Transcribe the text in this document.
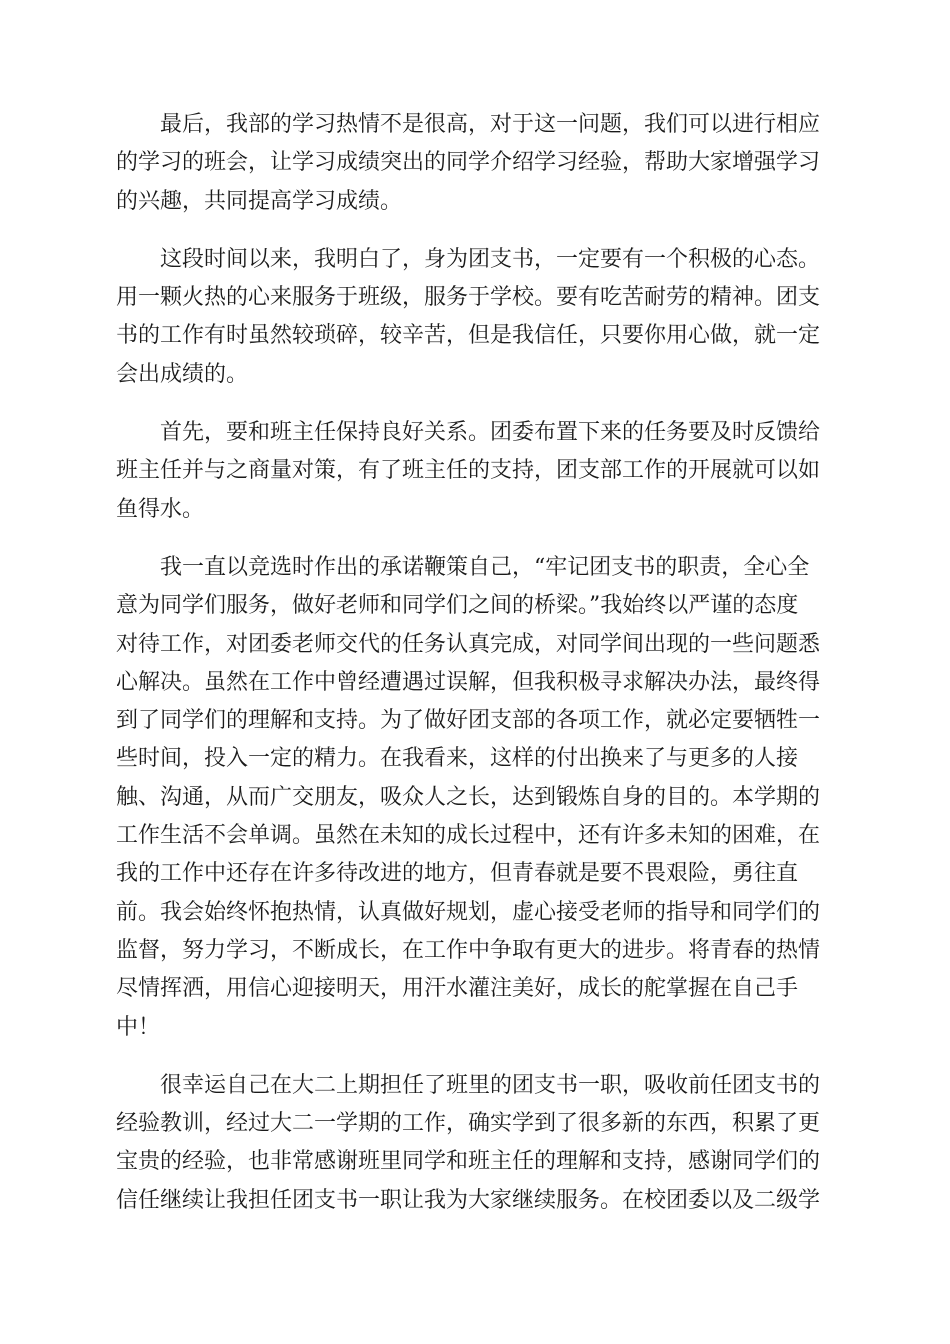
最后，我部的学习热情不是很高，对于这一问题，我们可以进行相应
的学习的班会，让学习成绩突出的同学介绍学习经验，帮助大家增强学习
的兴趣，共同提高学习成绩。

这段时间以来，我明白了，身为团支书，一定要有一个积极的心态。
用一颗火热的心来服务于班级，服务于学校。要有吃苦耐劳的精神。团支
书的工作有时虽然较琐碎，较辛苦，但是我信任，只要你用心做，就一定
会出成绩的。

首先，要和班主任保持良好关系。团委布置下来的任务要及时反馈给
班主任并与之商量对策，有了班主任的支持，团支部工作的开展就可以如
鱼得水。

我一直以竞选时作出的承诺鞭策自己，“牢记团支书的职责，全心全
意为同学们服务，做好老师和同学们之间的桥梁。”我始终以严谨的态度
对待工作，对团委老师交代的任务认真完成，对同学间出现的一些问题悉
心解决。虽然在工作中曾经遭遇过误解，但我积极寻求解决办法，最终得
到了同学们的理解和支持。为了做好团支部的各项工作，就必定要牺牲一
些时间，投入一定的精力。在我看来，这样的付出换来了与更多的人接
触、沟通，从而广交朋友，吸众人之长，达到锻炼自身的目的。本学期的
工作生活不会单调。虽然在未知的成长过程中，还有许多未知的困难，在
我的工作中还存在许多待改进的地方，但青春就是要不畏艰险，勇往直
前。我会始终怀抱热情，认真做好规划，虚心接受老师的指导和同学们的
监督，努力学习，不断成长，在工作中争取有更大的进步。将青春的热情
尽情挥洒，用信心迎接明天，用汗水灌注美好，成长的舵掌握在自己手
中！

很幸运自己在大二上期担任了班里的团支书一职，吸收前任团支书的
经验教训，经过大二一学期的工作，确实学到了很多新的东西，积累了更
宝贵的经验，也非常感谢班里同学和班主任的理解和支持，感谢同学们的
信任继续让我担任团支书一职让我为大家继续服务。在校团委以及二级学
